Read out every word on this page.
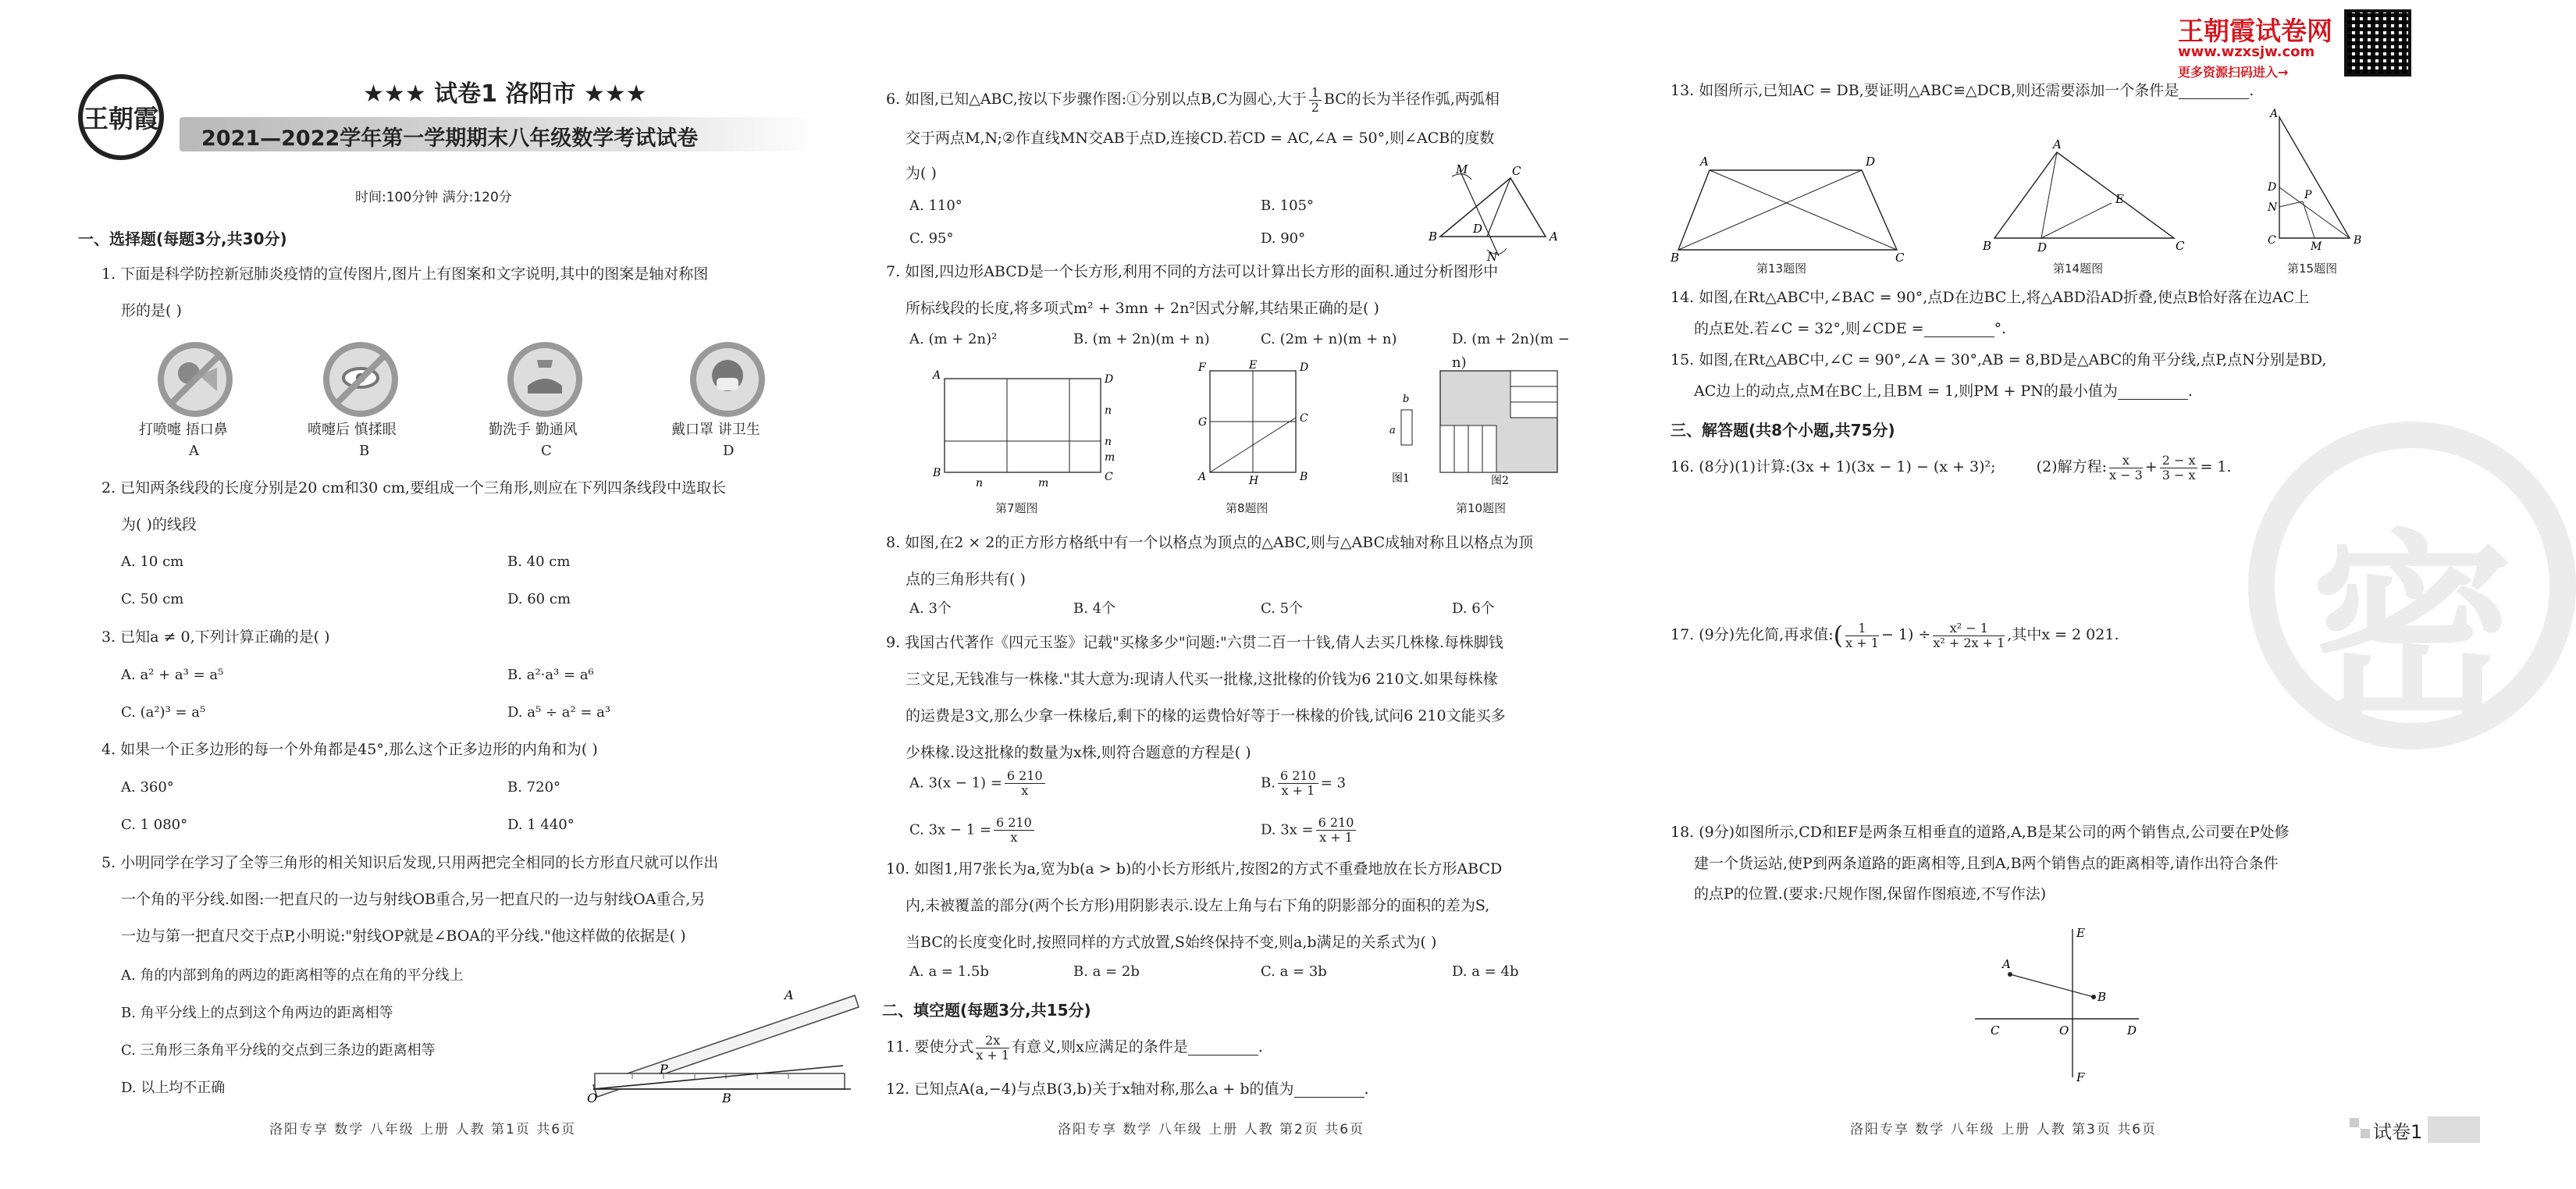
王朝霞试卷网
www.wzxsjw.com
更多资源扫码进入→
密
王朝霞
★★★ 试卷1 洛阳市 ★★★
2021—2022学年第一学期期末八年级数学考试试卷
时间:100分钟 满分:120分
一、选择题(每题3分,共30分)
1. 下面是科学防控新冠肺炎疫情的宣传图片,图片上有图案和文字说明,其中的图案是轴对称图
形的是( )
打喷嚏 捂口鼻
A
喷嚏后 慎揉眼
B
勤洗手 勤通风
C
戴口罩 讲卫生
D
2. 已知两条线段的长度分别是20 cm和30 cm,要组成一个三角形,则应在下列四条线段中选取长
为( )的线段
A. 10 cm	B. 40 cm
C. 50 cm	D. 60 cm
3. 已知a ≠ 0,下列计算正确的是( )
A. a² + a³ = a⁵	B. a²·a³ = a⁶
C. (a²)³ = a⁵	D. a⁵ ÷ a² = a³
4. 如果一个正多边形的每一个外角都是45°,那么这个正多边形的内角和为( )
A. 360°	B. 720°
C. 1 080°	D. 1 440°
5. 小明同学在学习了全等三角形的相关知识后发现,只用两把完全相同的长方形直尺就可以作出
一个角的平分线.如图:一把直尺的一边与射线OB重合,另一把直尺的一边与射线OA重合,另
一边与第一把直尺交于点P,小明说:"射线OP就是∠BOA的平分线."他这样做的依据是( )
A. 角的内部到角的两边的距离相等的点在角的平分线上
B. 角平分线上的点到这个角两边的距离相等
C. 三角形三条角平分线的交点到三条边的距离相等
D. 以上均不正确
A
O
P
B
洛阳专享 数学 八年级 上册 人教 第1页 共6页
6. 如图,已知△ABC,按以下步骤作图:①分别以点B,C为圆心,大于 $\frac{1}{2}$ BC的长为半径作弧,两弧相
交于两点M,N;②作直线MN交AB于点D,连接CD.若CD = AC,∠A = 50°,则∠ACB的度数
为( )
A. 110°	B. 105°
C. 95°	D. 90°
M	C
B
D
A
N
7. 如图,四边形ABCD是一个长方形,利用不同的方法可以计算出长方形的面积.通过分析图形中
所标线段的长度,将多项式m² + 3mn + 2n²因式分解,其结果正确的是( )
A. (m + 2n)²	B. (m + 2n)(m + n)	C. (2m + n)(m + n)	D. (m + 2n)(m − n)
A	D
n
n
B
n	m
m
C
F	E	D
G	C
A	H	B
b
a
图1	图2
第7题图	第8题图	第10题图
8. 如图,在2 × 2的正方形方格纸中有一个以格点为顶点的△ABC,则与△ABC成轴对称且以格点为顶
点的三角形共有( )
A. 3个	B. 4个	C. 5个	D. 6个
9. 我国古代著作《四元玉鉴》记载"买椽多少"问题:"六贯二百一十钱,倩人去买几株椽.每株脚钱
三文足,无钱准与一株椽."其大意为:现请人代买一批椽,这批椽的价钱为6 210文.如果每株椽
的运费是3文,那么少拿一株椽后,剩下的椽的运费恰好等于一株椽的价钱,试问6 210文能买多
少株椽.设这批椽的数量为x株,则符合题意的方程是( )
A. $3(x - 1) = \frac{6 210}{x}$	B. $\frac{6 210}{x + 1} = 3$
C. $3x - 1 = \frac{6 210}{x}$	D. $3x = \frac{6 210}{x + 1}$
10. 如图1,用7张长为a,宽为b(a > b)的小长方形纸片,按图2的方式不重叠地放在长方形ABCD
内,未被覆盖的部分(两个长方形)用阴影表示.设左上角与右下角的阴影部分的面积的差为S,
当BC的长度变化时,按照同样的方式放置,S始终保持不变,则a,b满足的关系式为( )
A. a = 1.5b	B. a = 2b	C. a = 3b	D. a = 4b
二、填空题(每题3分,共15分)
11. 要使分式 $\frac{2x}{x + 1}$ 有意义,则x应满足的条件是	.
12. 已知点A(a,−4)与点B(3,b)关于x轴对称,那么a + b的值为	.
洛阳专享 数学 八年级 上册 人教 第2页 共6页
13. 如图所示,已知AC = DB,要证明△ABC≌△DCB,则还需要添加一个条件是	.
A	D
B	C
A
E
B	D	C
A
D
P
N
C	M	B
第13题图	第14题图	第15题图
14. 如图,在Rt△ABC中,∠BAC = 90°,点D在边BC上,将△ABD沿AD折叠,使点B恰好落在边AC上
的点E处.若∠C = 32°,则∠CDE =	°.
15. 如图,在Rt△ABC中,∠C = 90°,∠A = 30°,AB = 8,BD是△ABC的角平分线,点P,点N分别是BD,
AC边上的动点,点M在BC上,且BM = 1,则PM + PN的最小值为	.
三、解答题(共8个小题,共75分)
16. (8分)(1)计算:(3x + 1)(3x − 1) − (x + 3)²;	(2)解方程: $\frac{x}{x - 3} + \frac{2 - x}{3 - x} = 1$.
17. (9分)先化简,再求值:( $\frac{1}{x + 1} - 1) \div \frac{\text{x² − 1}}{\text{x² + 2x + 1}}$ ,其中x = 2 021.
18. (9分)如图所示,CD和EF是两条互相垂直的道路,A,B是某公司的两个销售点,公司要在P处修
建一个货运站,使P到两条道路的距离相等,且到A,B两个销售点的距离相等,请作出符合条件
的点P的位置.(要求:尺规作图,保留作图痕迹,不写作法)
E
A
B
C	O	D
F
洛阳专享 数学 八年级 上册 人教 第3页 共6页	试卷1
